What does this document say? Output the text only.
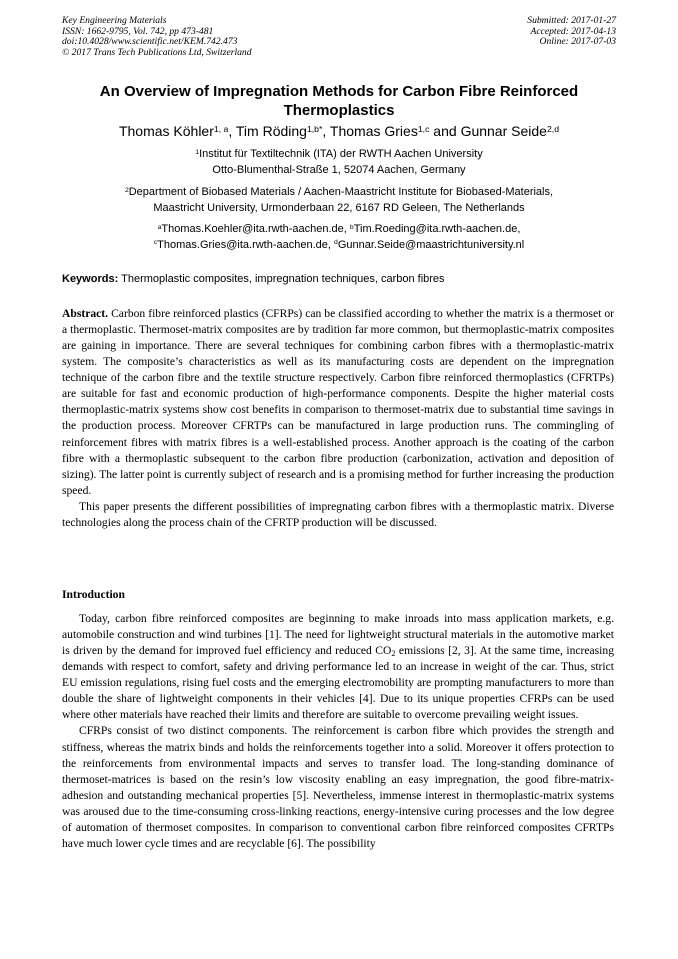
Key Engineering Materials
ISSN: 1662-9795, Vol. 742, pp 473-481
doi:10.4028/www.scientific.net/KEM.742.473
© 2017 Trans Tech Publications Ltd, Switzerland
Submitted: 2017-01-27
Accepted: 2017-04-13
Online: 2017-07-03
An Overview of Impregnation Methods for Carbon Fibre Reinforced
Thermoplastics
Thomas Köhler$^{1, a}$, Tim Röding$^{1,b*}$, Thomas Gries$^{1,c}$ and Gunnar Seide$^{2,d}$
$^1$Institut für Textiltechnik (ITA) der RWTH Aachen University
Otto-Blumenthal-Straße 1, 52074 Aachen, Germany
$^2$Department of Biobased Materials / Aachen-Maastricht Institute for Biobased-Materials,
Maastricht University, Urmonderbaan 22, 6167 RD Geleen, The Netherlands
$^a$Thomas.Koehler@ita.rwth-aachen.de, $^b$Tim.Roeding@ita.rwth-aachen.de,
$^c$Thomas.Gries@ita.rwth-aachen.de, $^d$Gunnar.Seide@maastrichtuniversity.nl
Keywords: Thermoplastic composites, impregnation techniques, carbon fibres

Abstract. Carbon fibre reinforced plastics (CFRPs) can be classified according to whether the matrix is a thermoset or a thermoplastic. Thermoset-matrix composites are by tradition far more common, but thermoplastic-matrix composites are gaining in importance. There are several techniques for combining carbon fibres with a thermoplastic-matrix system. The composite’s characteristics as well as its manufacturing costs are dependent on the impregnation technique of the carbon fibre and the textile structure respectively. Carbon fibre reinforced thermoplastics (CFRTPs) are suitable for fast and economic production of high-performance components. Despite the higher material costs thermoplastic-matrix systems show cost benefits in comparison to thermoset-matrix due to substantial time savings in the production process. Moreover CFRTPs can be manufactured in large production runs. The commingling of reinforcement fibres with matrix fibres is a well-established process. Another approach is the coating of the carbon fibre with a thermoplastic subsequent to the carbon fibre production (carbonization, activation and deposition of sizing). The latter point is currently subject of research and is a promising method for further increasing the production speed.

This paper presents the different possibilities of impregnating carbon fibres with a thermoplastic matrix. Diverse technologies along the process chain of the CFRTP production will be discussed.

Introduction

Today, carbon fibre reinforced composites are beginning to make inroads into mass application markets, e.g. automobile construction and wind turbines [1]. The need for lightweight structural materials in the automotive market is driven by the demand for improved fuel efficiency and reduced $CO_2$ emissions [2, 3]. At the same time, increasing demands with respect to comfort, safety and driving performance led to an increase in weight of the car. Thus, strict EU emission regulations, rising fuel costs and the emerging electromobility are prompting manufacturers to more than double the share of lightweight components in their vehicles [4]. Due to its unique properties CFRPs can be used where other materials have reached their limits and therefore are suitable to overcome prevailing weight issues.

CFRPs consist of two distinct components. The reinforcement is carbon fibre which provides the strength and stiffness, whereas the matrix binds and holds the reinforcements together into a solid. Moreover it offers protection to the reinforcements from environmental impacts and serves to transfer load. The long-standing dominance of thermoset-matrices is based on the resin’s low viscosity enabling an easy impregnation, the good fibre-matrix-adhesion and outstanding mechanical properties [5]. Nevertheless, immense interest in thermoplastic-matrix systems was aroused due to the time-consuming cross-linking reactions, energy-intensive curing processes and the low degree of automation of thermoset composites. In comparison to conventional carbon fibre reinforced composites CFRTPs have much lower cycle times and are recyclable [6]. The possibility
